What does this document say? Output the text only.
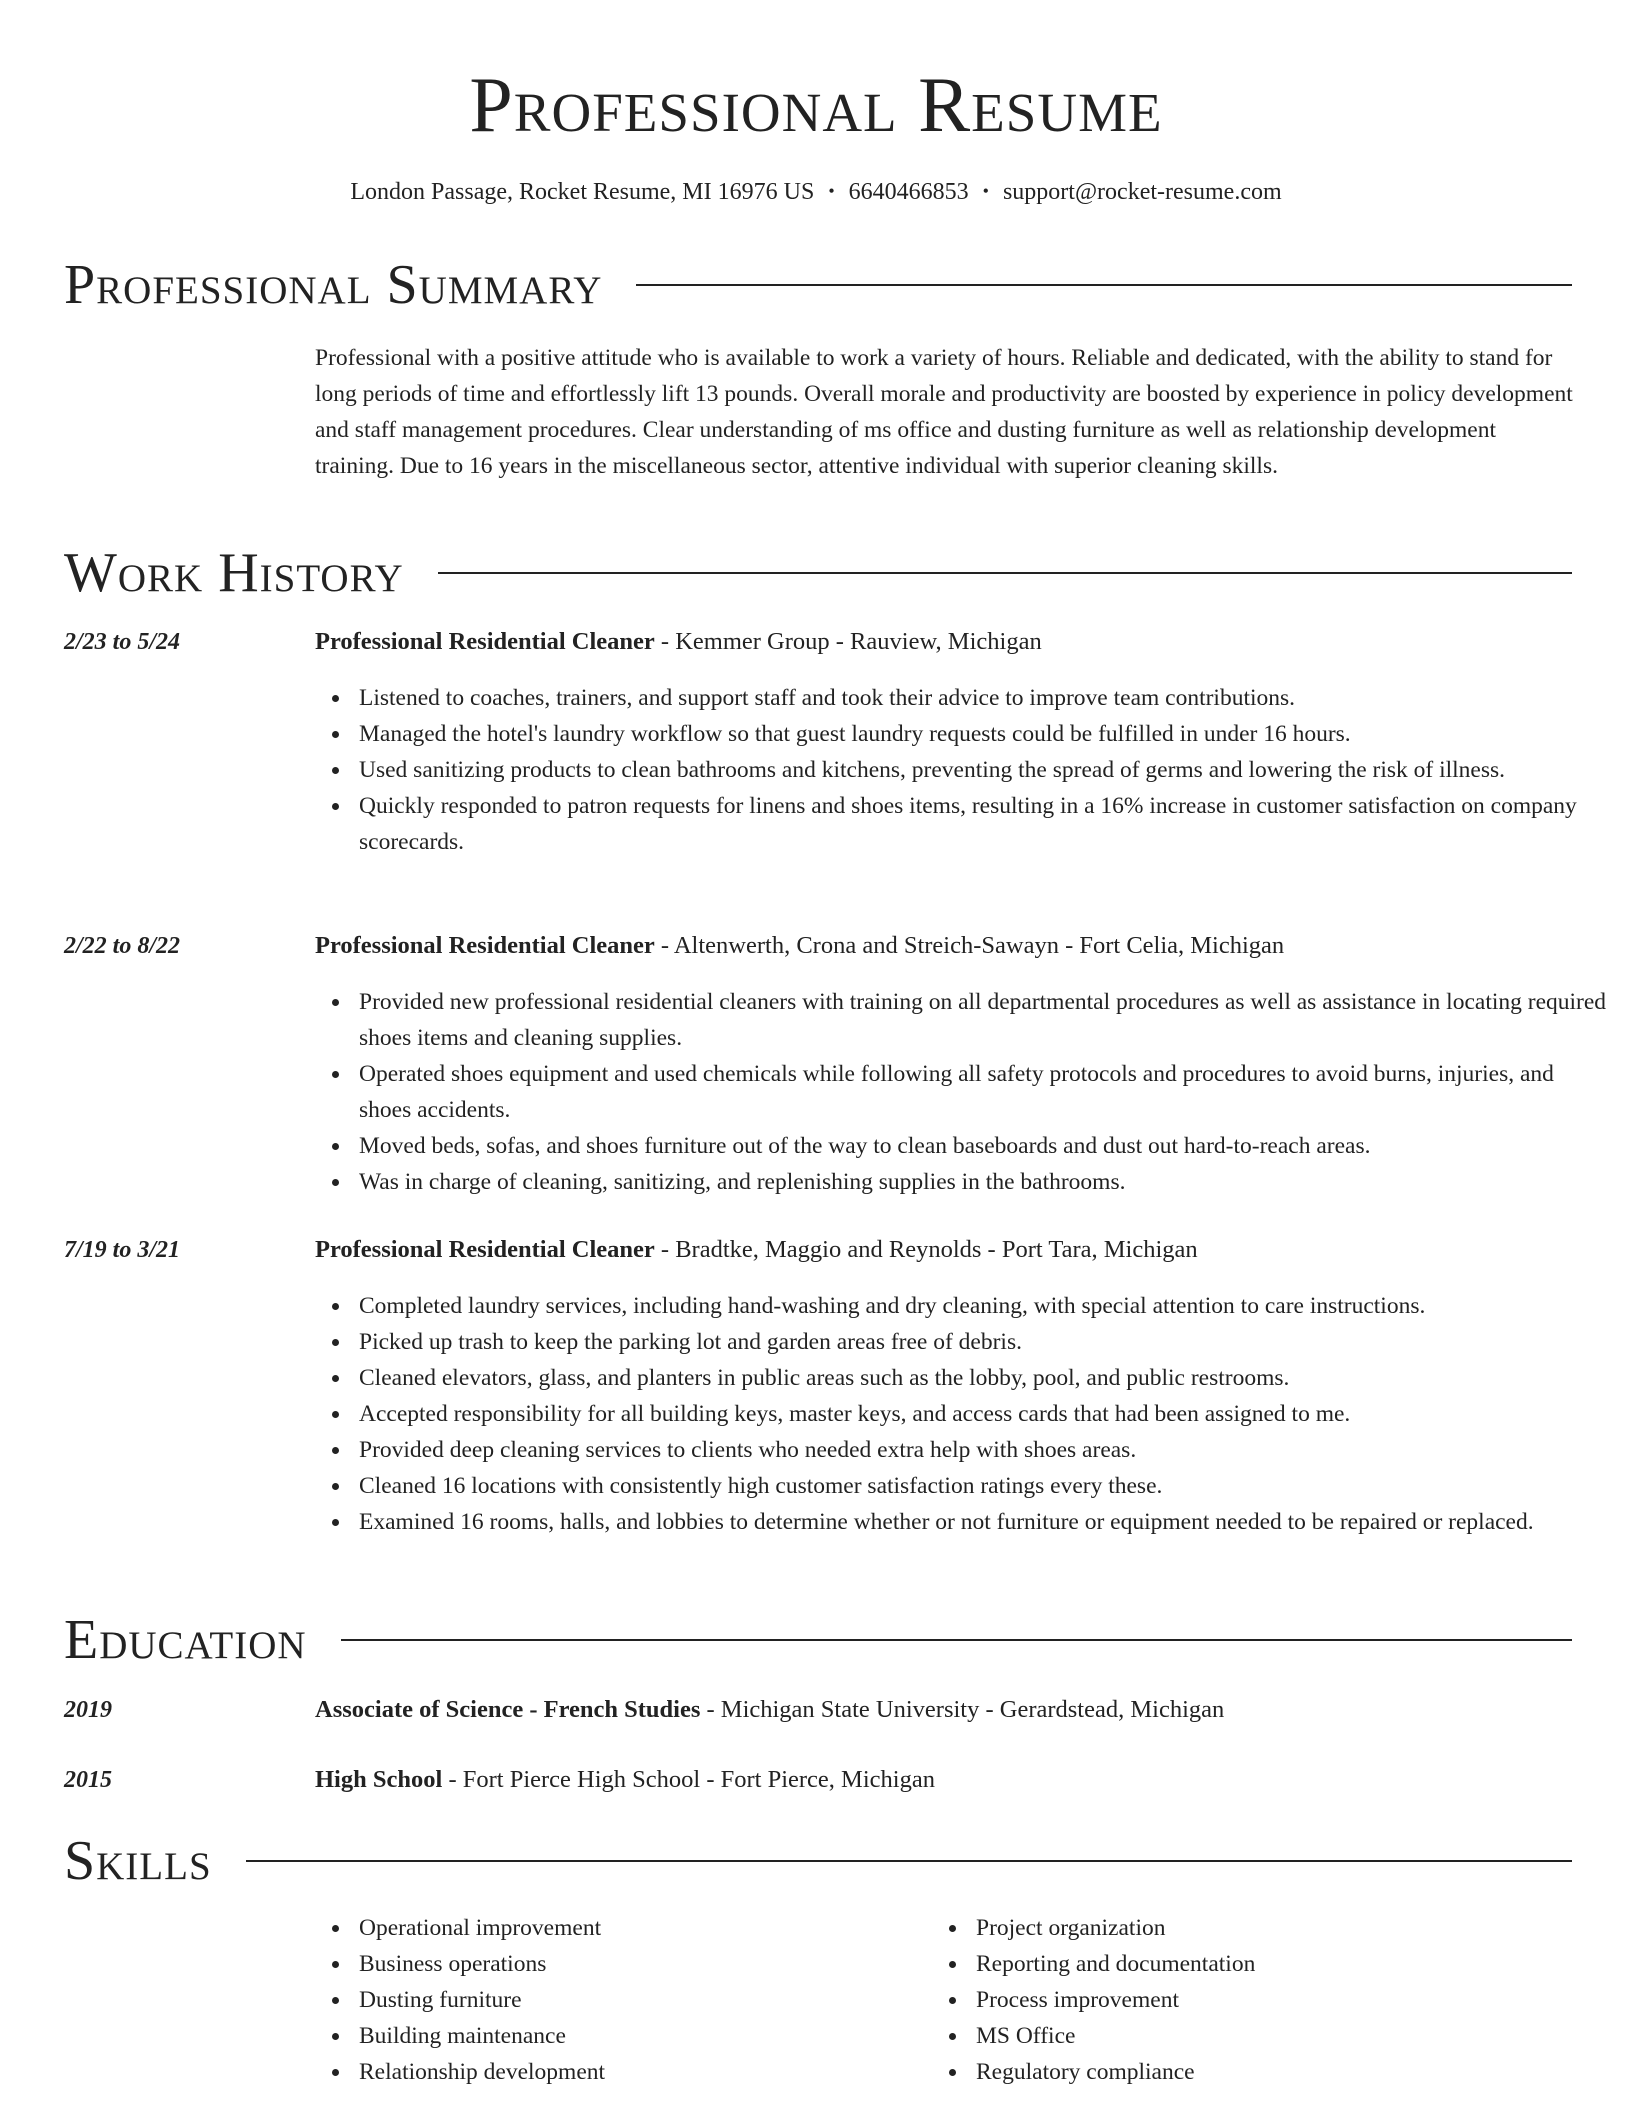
Professional Resume
London Passage, Rocket Resume, MI 16976 US • 6640466853 • support@rocket-resume.com
Professional Summary
Professional with a positive attitude who is available to work a variety of hours. Reliable and dedicated, with the ability to stand for long periods of time and effortlessly lift 13 pounds. Overall morale and productivity are boosted by experience in policy development and staff management procedures. Clear understanding of ms office and dusting furniture as well as relationship development training. Due to 16 years in the miscellaneous sector, attentive individual with superior cleaning skills.
Work History
2/23 to 5/24	Professional Residential Cleaner - Kemmer Group - Rauview, Michigan
Listened to coaches, trainers, and support staff and took their advice to improve team contributions.
Managed the hotel's laundry workflow so that guest laundry requests could be fulfilled in under 16 hours.
Used sanitizing products to clean bathrooms and kitchens, preventing the spread of germs and lowering the risk of illness.
Quickly responded to patron requests for linens and shoes items, resulting in a 16% increase in customer satisfaction on company scorecards.
2/22 to 8/22	Professional Residential Cleaner - Altenwerth, Crona and Streich-Sawayn - Fort Celia, Michigan
Provided new professional residential cleaners with training on all departmental procedures as well as assistance in locating required shoes items and cleaning supplies.
Operated shoes equipment and used chemicals while following all safety protocols and procedures to avoid burns, injuries, and shoes accidents.
Moved beds, sofas, and shoes furniture out of the way to clean baseboards and dust out hard-to-reach areas.
Was in charge of cleaning, sanitizing, and replenishing supplies in the bathrooms.
7/19 to 3/21	Professional Residential Cleaner - Bradtke, Maggio and Reynolds - Port Tara, Michigan
Completed laundry services, including hand-washing and dry cleaning, with special attention to care instructions.
Picked up trash to keep the parking lot and garden areas free of debris.
Cleaned elevators, glass, and planters in public areas such as the lobby, pool, and public restrooms.
Accepted responsibility for all building keys, master keys, and access cards that had been assigned to me.
Provided deep cleaning services to clients who needed extra help with shoes areas.
Cleaned 16 locations with consistently high customer satisfaction ratings every these.
Examined 16 rooms, halls, and lobbies to determine whether or not furniture or equipment needed to be repaired or replaced.
Education
2019	Associate of Science - French Studies - Michigan State University - Gerardstead, Michigan
2015	High School - Fort Pierce High School - Fort Pierce, Michigan
Skills
Operational improvement
Business operations
Dusting furniture
Building maintenance
Relationship development
Project organization
Reporting and documentation
Process improvement
MS Office
Regulatory compliance
